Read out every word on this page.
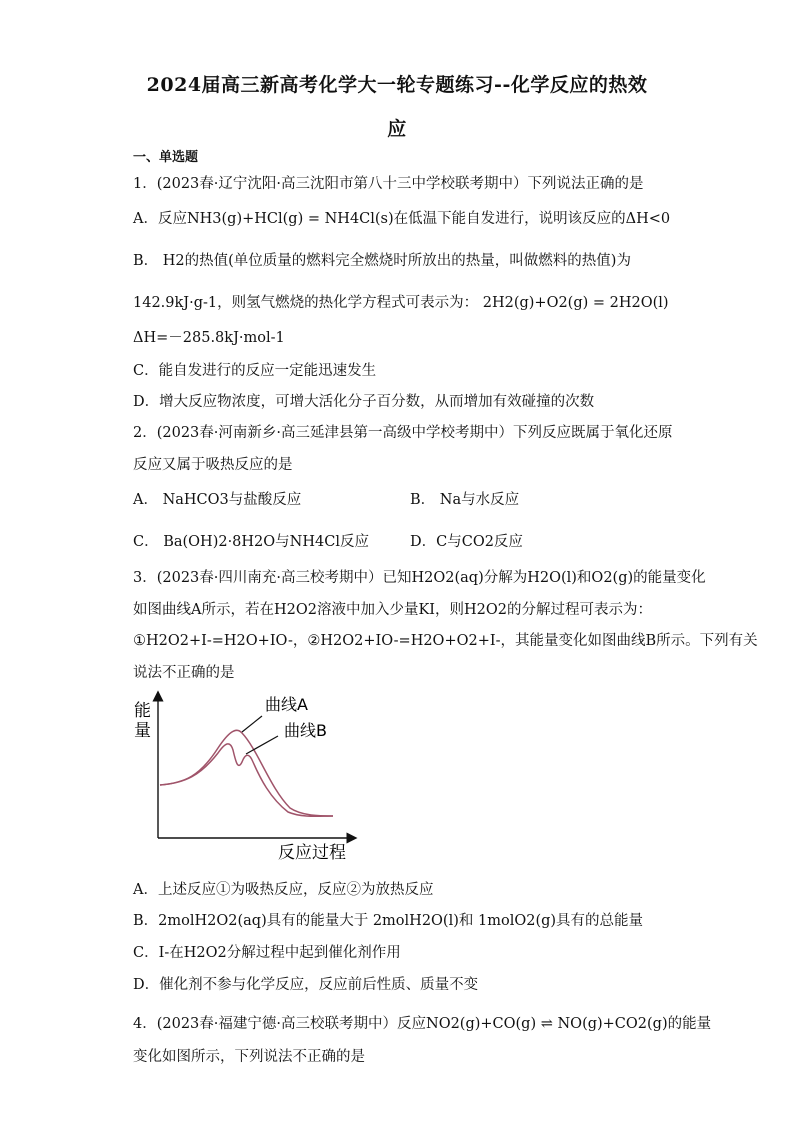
2024届高三新高考化学大一轮专题练习--化学反应的热效
应
一、单选题
1．(2023春·辽宁沈阳·高三沈阳市第八十三中学校联考期中）下列说法正确的是
A．反应NH3(g)+HCl(g) = NH4Cl(s)在低温下能自发进行，说明该反应的ΔH<0
B． H2的热值(单位质量的燃料完全燃烧时所放出的热量，叫做燃料的热值)为
142.9kJ·g-1，则氢气燃烧的热化学方程式可表示为： 2H2(g)+O2(g) = 2H2O(l)
ΔH=－285.8kJ·mol-1
C．能自发进行的反应一定能迅速发生
D．增大反应物浓度，可增大活化分子百分数，从而增加有效碰撞的次数
2．(2023春·河南新乡·高三延津县第一高级中学校考期中）下列反应既属于氧化还原
反应又属于吸热反应的是
A． NaHCO3与盐酸反应	B． Na与水反应
C． Ba(OH)2·8H2O与NH4Cl反应	D．C与CO2反应
3．(2023春·四川南充·高三校考期中）已知H2O2(aq)分解为H2O(l)和O2(g)的能量变化
如图曲线A所示，若在H2O2溶液中加入少量KI，则H2O2的分解过程可表示为：
①H2O2+I-=H2O+IO-，②H2O2+IO-=H2O+O2+I-，其能量变化如图曲线B所示。下列有关
说法不正确的是
能
量
反应过程
曲线A
曲线B
A．上述反应①为吸热反应，反应②为放热反应
B．2molH2O2(aq)具有的能量大于 2molH2O(l)和 1molO2(g)具有的总能量
C．I-在H2O2分解过程中起到催化剂作用
D．催化剂不参与化学反应，反应前后性质、质量不变
4．(2023春·福建宁德·高三校联考期中）反应NO2(g)+CO(g) ⇌ NO(g)+CO2(g)的能量
变化如图所示，下列说法不正确的是
